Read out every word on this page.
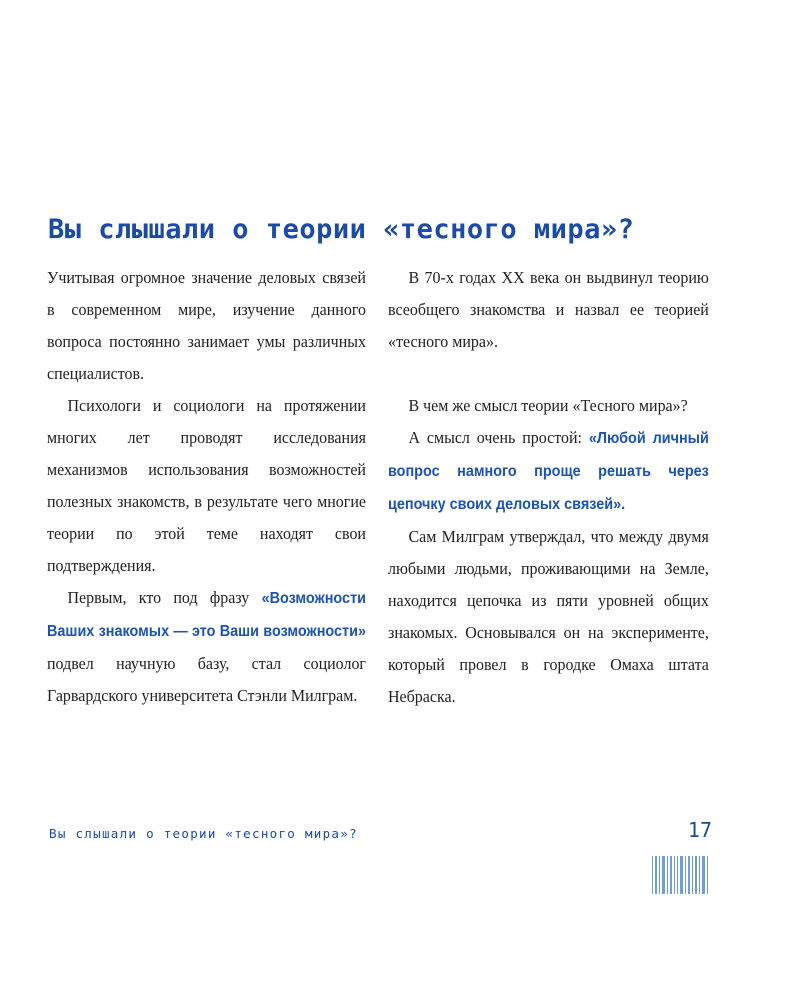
Вы слышали о теории «тесного мира»?

Учитывая огромное значение деловых связей в современном мире, изучение данного вопроса постоянно занимает умы различных специалистов.

Психологи и социологи на протяжении многих лет проводят исследования механизмов использования возможностей полезных знакомств, в результате чего многие теории по этой теме находят свои подтверждения.

Первым, кто под фразу «Возможности Ваших знакомых — это Ваши возможности» подвел научную базу, стал социолог Гарвардского университета Стэнли Милграм.

В 70-х годах XX века он выдвинул теорию всеобщего знакомства и назвал ее теорией «тесного мира».

В чем же смысл теории «Тесного мира»?

А смысл очень простой: «Любой личный вопрос намного проще решать через цепочку своих деловых связей».

Сам Милграм утверждал, что между двумя любыми людьми, проживающими на Земле, находится цепочка из пяти уровней общих знакомых. Основывался он на эксперименте, который провел в городке Омаха штата Небраска.

Вы слышали о теории «тесного мира»?	17
